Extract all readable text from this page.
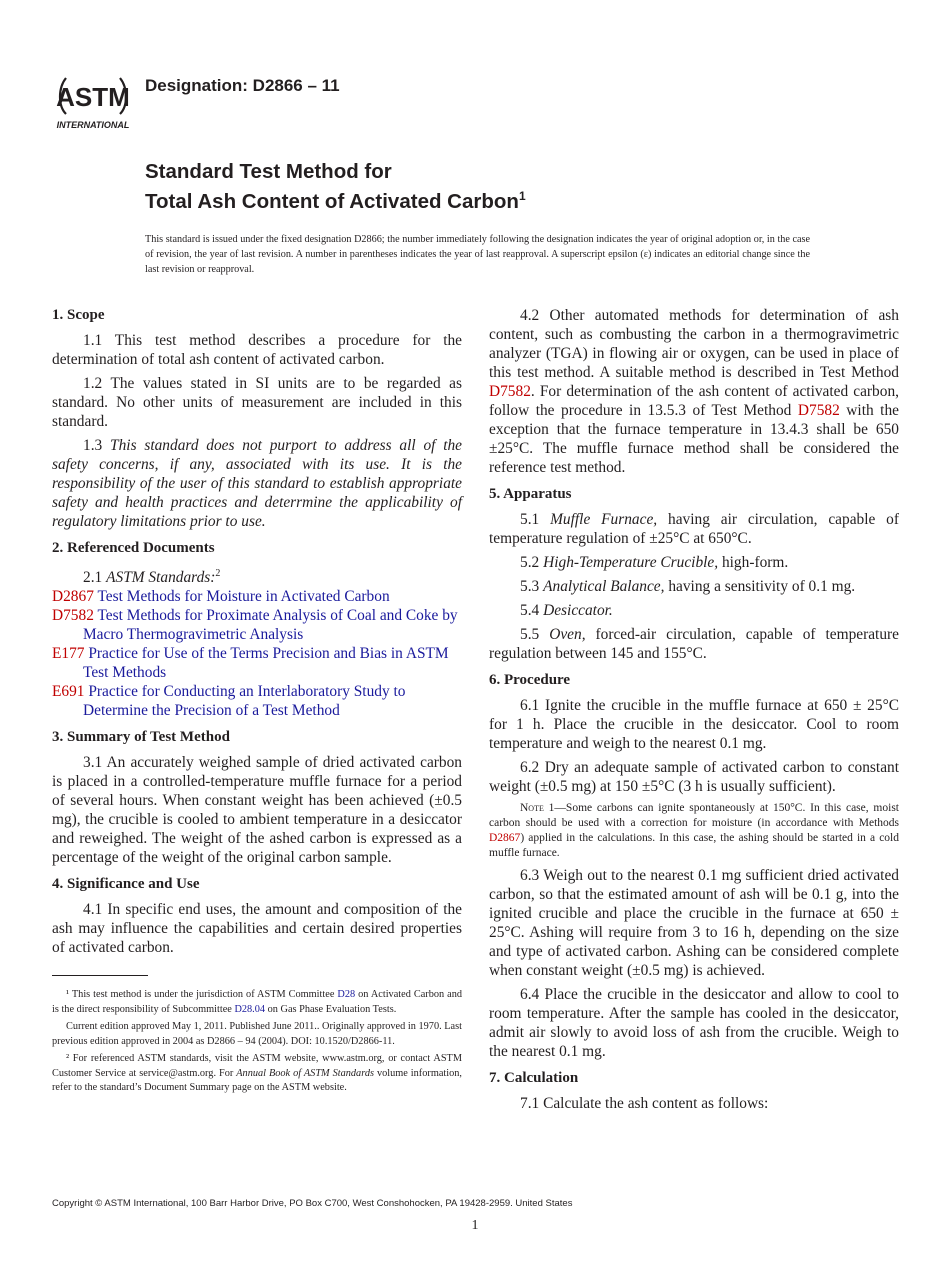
ASTM
INTERNATIONAL
Designation: D2866 – 11
Standard Test Method for
Total Ash Content of Activated Carbon$^1$
This standard is issued under the fixed designation D2866; the number immediately following the designation indicates the year of original adoption or, in the case of revision, the year of last revision. A number in parentheses indicates the year of last reapproval. A superscript epsilon (ε) indicates an editorial change since the last revision or reapproval.
1. Scope

1.1 This test method describes a procedure for the determination of total ash content of activated carbon.

1.2 The values stated in SI units are to be regarded as standard. No other units of measurement are included in this standard.

1.3 This standard does not purport to address all of the safety concerns, if any, associated with its use. It is the responsibility of the user of this standard to establish appropriate safety and health practices and deterrmine the applicability of regulatory limitations prior to use.

2. Referenced Documents

2.1 ASTM Standards:$^2$

D2867 Test Methods for Moisture in Activated Carbon
D7582 Test Methods for Proximate Analysis of Coal and Coke by Macro Thermogravimetric Analysis
E177 Practice for Use of the Terms Precision and Bias in ASTM Test Methods
E691 Practice for Conducting an Interlaboratory Study to Determine the Precision of a Test Method
3. Summary of Test Method

3.1 An accurately weighed sample of dried activated carbon is placed in a controlled-temperature muffle furnace for a period of several hours. When constant weight has been achieved (±0.5 mg), the crucible is cooled to ambient temperature in a desiccator and reweighed. The weight of the ashed carbon is expressed as a percentage of the weight of the original carbon sample.

4. Significance and Use

4.1 In specific end uses, the amount and composition of the ash may influence the capabilities and certain desired properties of activated carbon.

¹ This test method is under the jurisdiction of ASTM Committee D28 on Activated Carbon and is the direct responsibility of Subcommittee D28.04 on Gas Phase Evaluation Tests.

Current edition approved May 1, 2011. Published June 2011.. Originally approved in 1970. Last previous edition approved in 2004 as D2866 – 94 (2004). DOI: 10.1520/D2866-11.

² For referenced ASTM standards, visit the ASTM website, www.astm.org, or contact ASTM Customer Service at service@astm.org. For Annual Book of ASTM Standards volume information, refer to the standard’s Document Summary page on the ASTM website.

4.2 Other automated methods for determination of ash content, such as combusting the carbon in a thermogravimetric analyzer (TGA) in flowing air or oxygen, can be used in place of this test method. A suitable method is described in Test Method D7582. For determination of the ash content of activated carbon, follow the procedure in 13.5.3 of Test Method D7582 with the exception that the furnace temperature in 13.4.3 shall be 650 ±25°C. The muffle furnace method shall be considered the reference test method.

5. Apparatus

5.1 Muffle Furnace, having air circulation, capable of temperature regulation of ±25°C at 650°C.

5.2 High-Temperature Crucible, high-form.

5.3 Analytical Balance, having a sensitivity of 0.1 mg.

5.4 Desiccator.

5.5 Oven, forced-air circulation, capable of temperature regulation between 145 and 155°C.

6. Procedure

6.1 Ignite the crucible in the muffle furnace at 650 ± 25°C for 1 h. Place the crucible in the desiccator. Cool to room temperature and weigh to the nearest 0.1 mg.

6.2 Dry an adequate sample of activated carbon to constant weight (±0.5 mg) at 150 ±5°C (3 h is usually sufficient).

Note 1—Some carbons can ignite spontaneously at 150°C. In this case, moist carbon should be used with a correction for moisture (in accordance with Methods D2867) applied in the calculations. In this case, the ashing should be started in a cold muffle furnace.

6.3 Weigh out to the nearest 0.1 mg sufficient dried activated carbon, so that the estimated amount of ash will be 0.1 g, into the ignited crucible and place the crucible in the furnace at 650 ± 25°C. Ashing will require from 3 to 16 h, depending on the size and type of activated carbon. Ashing can be considered complete when constant weight (±0.5 mg) is achieved.

6.4 Place the crucible in the desiccator and allow to cool to room temperature. After the sample has cooled in the desiccator, admit air slowly to avoid loss of ash from the crucible. Weigh to the nearest 0.1 mg.

7. Calculation

7.1 Calculate the ash content as follows:

Copyright © ASTM International, 100 Barr Harbor Drive, PO Box C700, West Conshohocken, PA 19428-2959. United States
1
